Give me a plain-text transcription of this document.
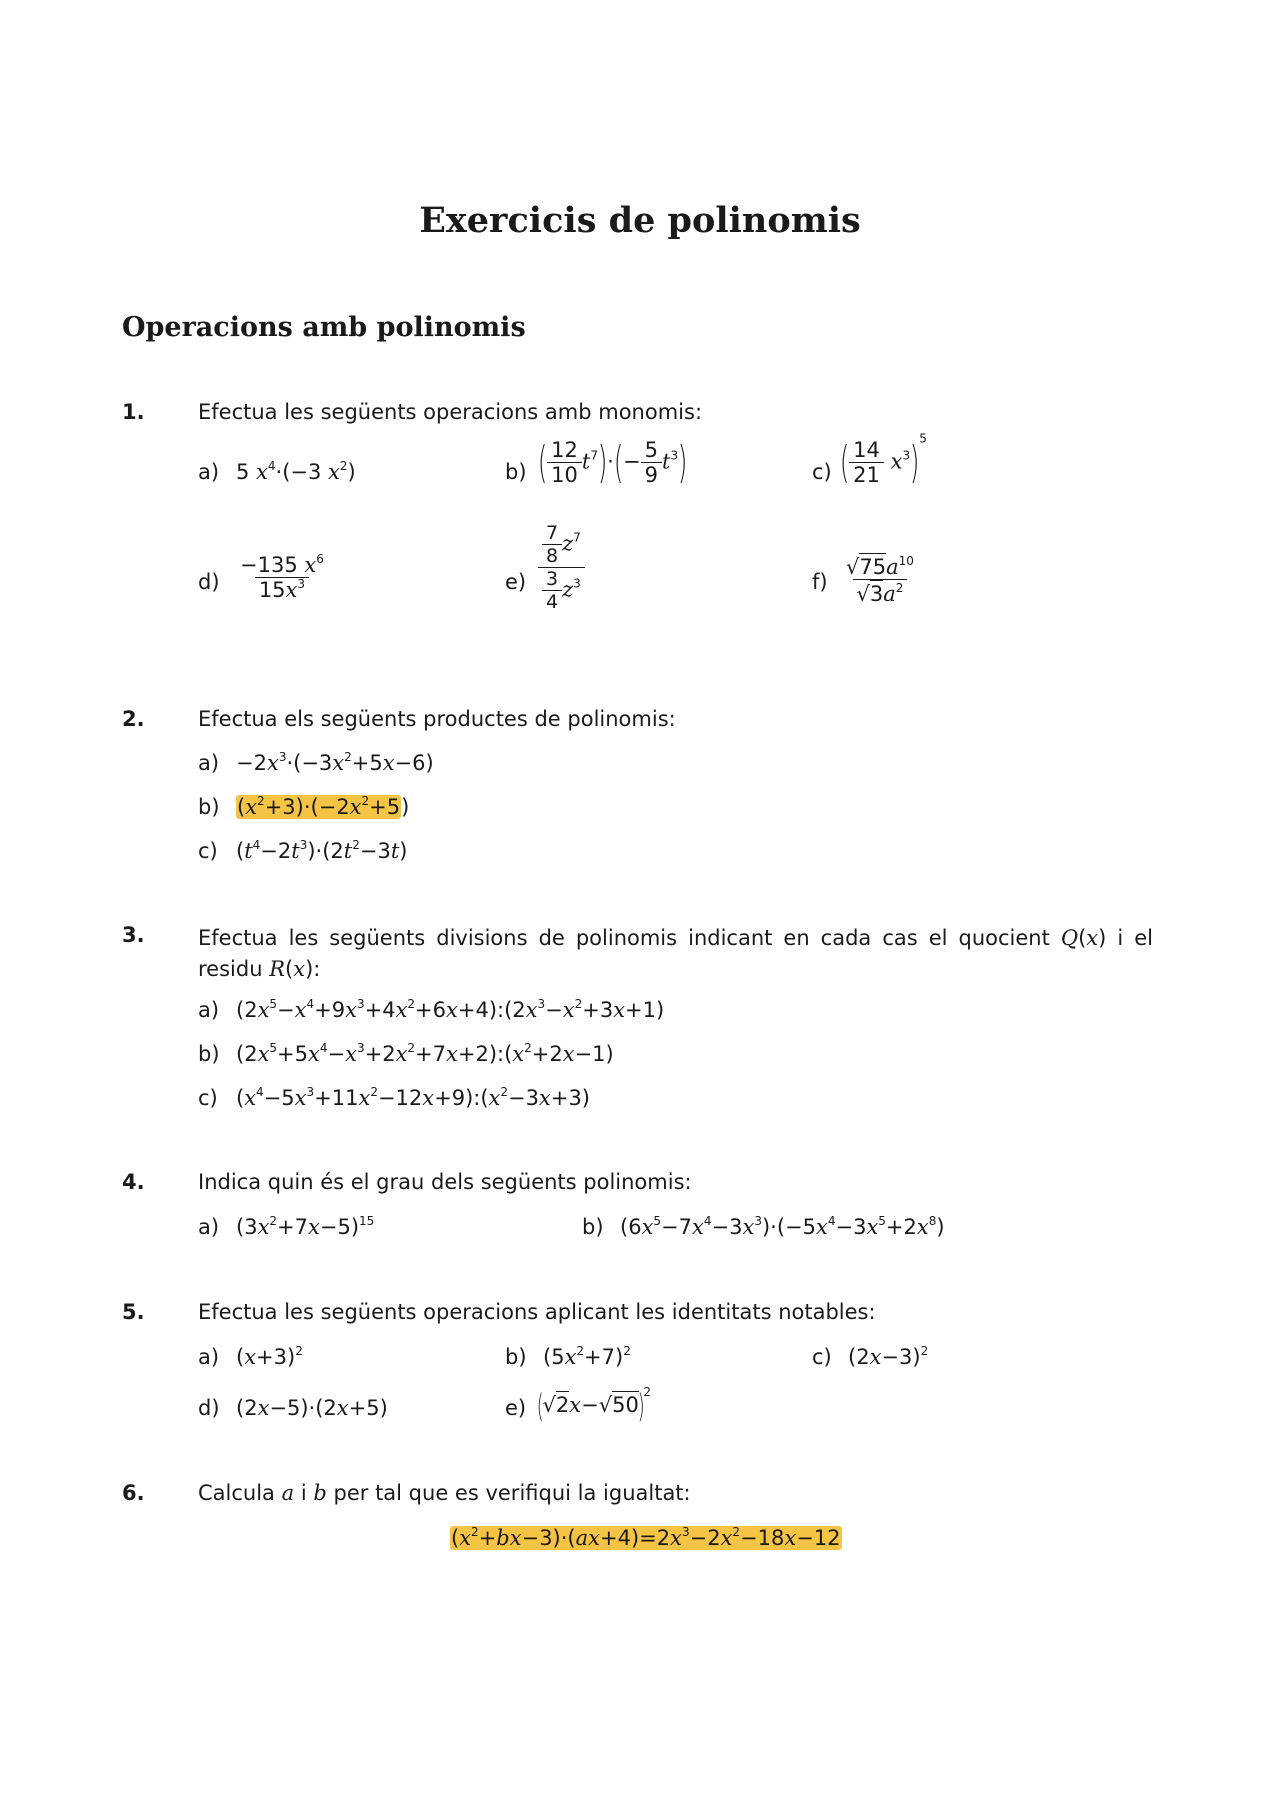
Exercicis de polinomis
Operacions amb polinomis
1.	Efectua les següents operacions amb monomis:
a) 5 $x^4\cdot(-3$ $x^2$)	b) ( $\frac{12}{10} t^7)\cdot(- \frac{5}{9} t^3)$	c) ( $\frac{14}{21} x^3)^5$
$d) \frac{-135 x^6}{15x^3}$	$e) \frac{\frac{7}{8} z^7}{\frac{3}{4} z^3}$	$f) \frac{√75a^{10}}{√3a^2}$
2.	Efectua els següents productes de polinomis:
$a) -2x^3\cdot(-3x^2+5x-6)$
b) $(x^2+3)\cdot(-2x^2+5)$
c) $(t^4-2t^3)\cdot(2t^2-3t)$
3.	Efectua les següents divisions de polinomis indicant en cada cas el quocient Q(x) i el residu R(x):
a) $(2x^5-x^4+9x^3+4x^2+6x+4):(2x^3-x^2+3x+1)$
b) $(2x^5+5x^4-x^3+2x^2+7x+2):(x^2+2x-1)$
c) $(x^4-5x^3+11x^2-12x+9):(x^2-3x+3)$
4.	Indica quin és el grau dels següents polinomis:
a) $(3x^2+7x-5)^{15}$	b) $(6x^5-7x^4-3x^3)\cdot(-5x^4-3x^5+2x^8)$
5.	Efectua les següents operacions aplicant les identitats notables:
a) $(x+3)^2$	b) $(5x^2+7)^2$	c) $(2x-3)^2$
d) (2x−5)·(2x+5)	e) $(√2x-√50)^2$
6.	Calcula a i b per tal que es verifiqui la igualtat:
$(x^2+bx-3)\cdot(ax+4)=2x^3-2x^2-18x-12$
